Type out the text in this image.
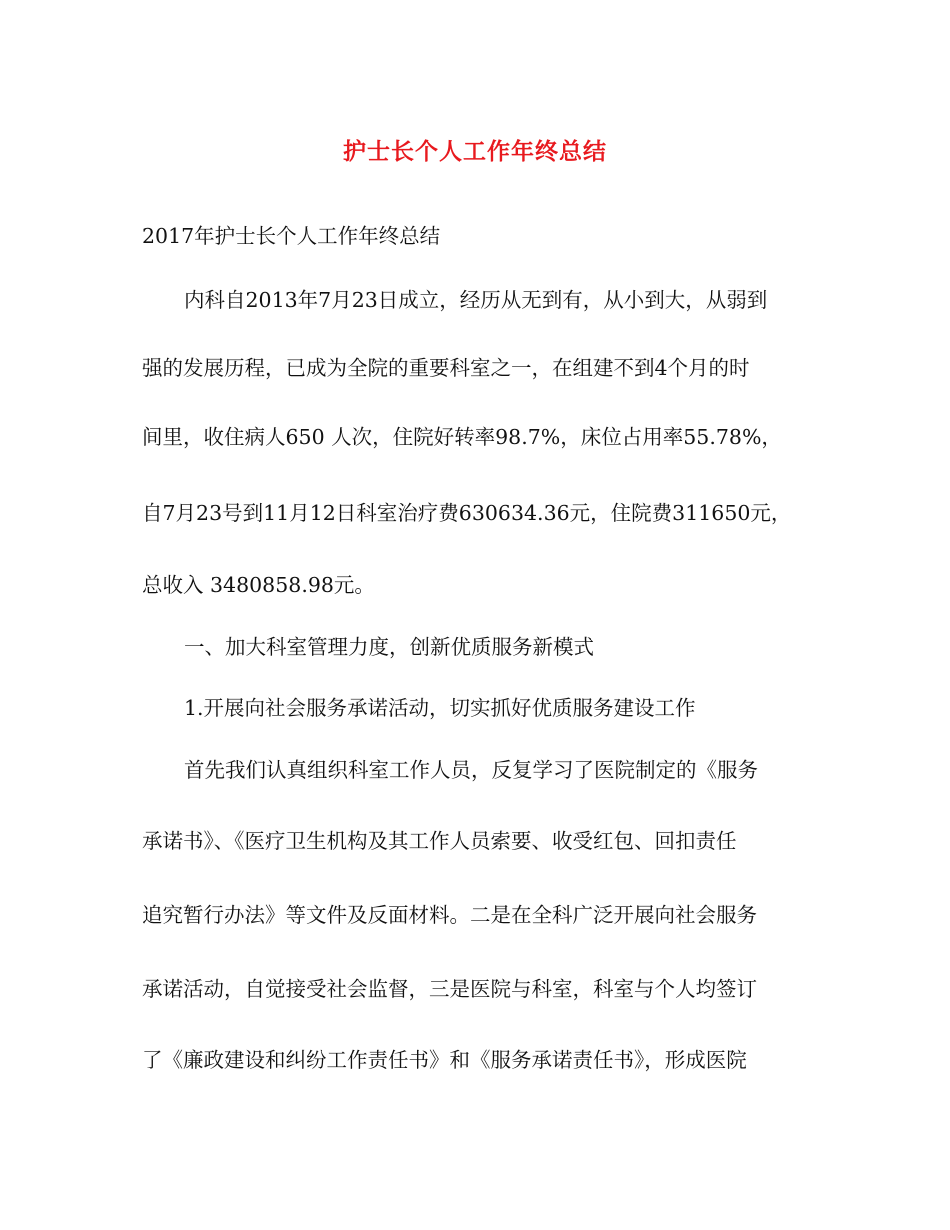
护士长个人工作年终总结
2017年护士长个人工作年终总结
内科自2013年7月23日成立，经历从无到有，从小到大，从弱到
强的发展历程，已成为全院的重要科室之一，在组建不到4个月的时
间里，收住病人650 人次，住院好转率98.7%，床位占用率55.78%，
自7月23号到11月12日科室治疗费630634.36元，住院费311650元，
总收入 3480858.98元。
一、加大科室管理力度，创新优质服务新模式
1.开展向社会服务承诺活动，切实抓好优质服务建设工作
首先我们认真组织科室工作人员，反复学习了医院制定的《服务
承诺书》、《医疗卫生机构及其工作人员索要、收受红包、回扣责任
追究暂行办法》等文件及反面材料。二是在全科广泛开展向社会服务
承诺活动，自觉接受社会监督，三是医院与科室，科室与个人均签订
了《廉政建设和纠纷工作责任书》和《服务承诺责任书》，形成医院
